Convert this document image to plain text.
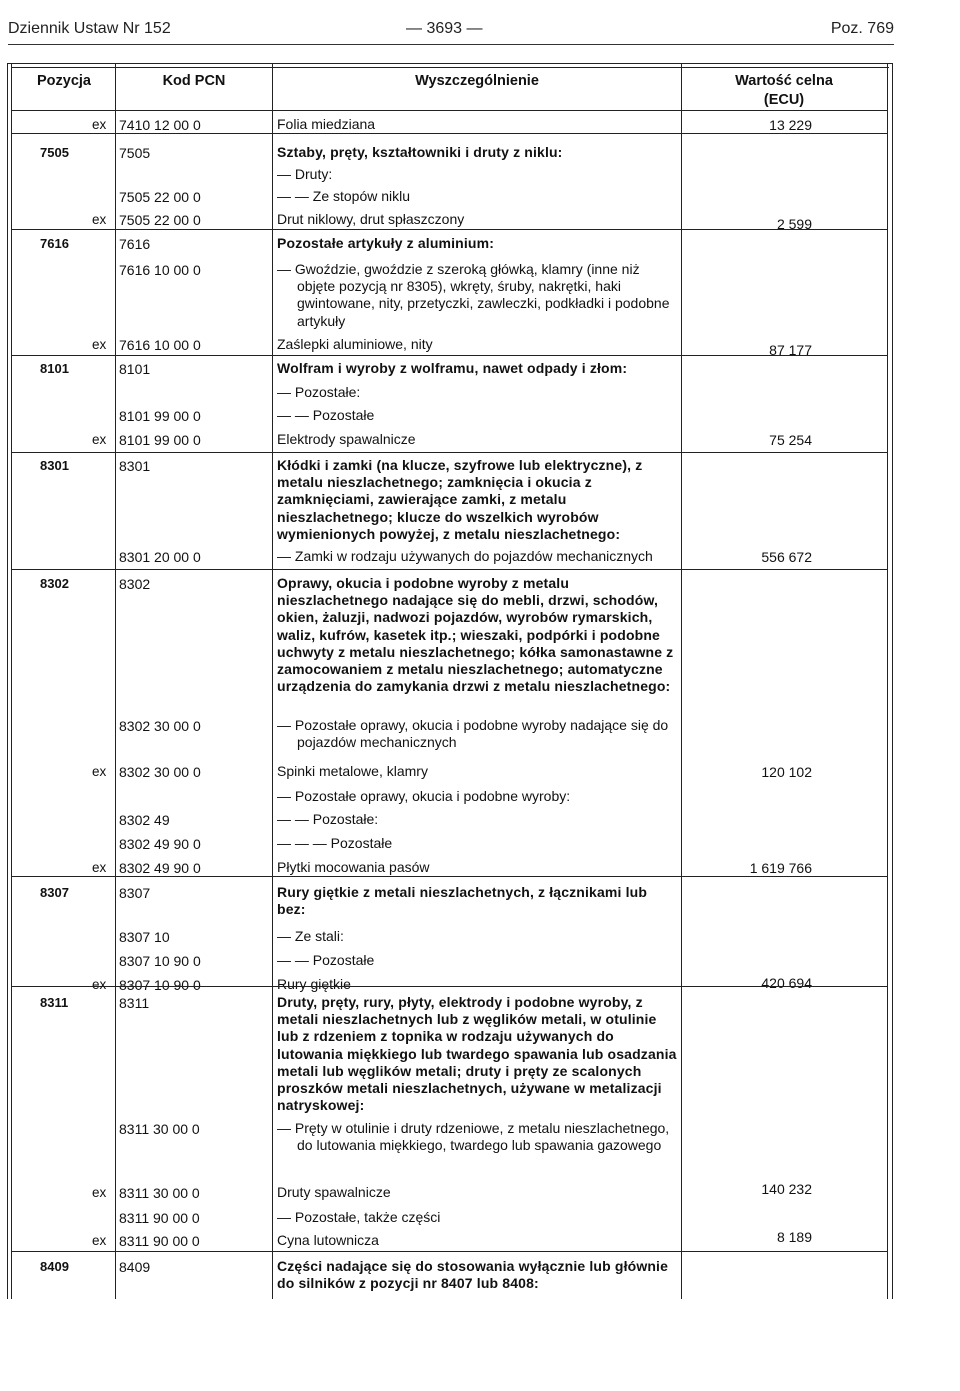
Dziennik Ustaw Nr 152	— 3693 —	Poz. 769
Pozycja	Kod PCN	Wyszczególnienie	Wartość celna
(ECU)
ex 7410 12 00 0	Folia miedziana	13 229
7505	7505	Sztaby, pręty, kształtowniki i druty z niklu:
— Druty:
7505 22 00 0	— — Ze stopów niklu
ex 7505 22 00 0	Drut niklowy, drut spłaszczony	2 599
7616	7616	Pozostałe artykuły z aluminium:
7616 10 00 0	— Gwoździe, gwoździe z szeroką główką, klamry (inne niż objęte pozycją nr 8305), wkręty, śruby, nakrętki, haki gwintowane, nity, przetyczki, zawleczki, podkładki i podobne artykuły
ex 7616 10 00 0	Zaślepki aluminiowe, nity	87 177
8101	8101	Wolfram i wyroby z wolframu, nawet odpady i złom:
— Pozostałe:
8101 99 00 0	— — Pozostałe
ex 8101 99 00 0	Elektrody spawalnicze	75 254
8301	8301	Kłódki i zamki (na klucze, szyfrowe lub elektryczne), z metalu nieszlachetnego; zamknięcia i okucia z zamknięciami, zawierające zamki, z metalu nieszlachetnego; klucze do wszelkich wyrobów wymienionych powyżej, z metalu nieszlachetnego:
8301 20 00 0	— Zamki w rodzaju używanych do pojazdów mechanicznych	556 672
8302	8302	Oprawy, okucia i podobne wyroby z metalu nieszlachetnego nadające się do mebli, drzwi, schodów, okien, żaluzji, nadwozi pojazdów, wyrobów rymarskich, waliz, kufrów, kasetek itp.; wieszaki, podpórki i podobne uchwyty z metalu nieszlachetnego; kółka samonastawne z zamocowaniem z metalu nieszlachetnego; automatyczne urządzenia do zamykania drzwi z metalu nieszlachetnego:
8302 30 00 0	— Pozostałe oprawy, okucia i podobne wyroby nadające się do pojazdów mechanicznych
ex 8302 30 00 0	Spinki metalowe, klamry	120 102
— Pozostałe oprawy, okucia i podobne wyroby:
8302 49	— — Pozostałe:
8302 49 90 0	— — — Pozostałe
ex 8302 49 90 0	Płytki mocowania pasów	1 619 766
8307	8307	Rury giętkie z metali nieszlachetnych, z łącznikami lub bez:
8307 10	— Ze stali:
8307 10 90 0	— — Pozostałe
ex 8307 10 90 0	Rury giętkie	420 694
8311	8311	Druty, pręty, rury, płyty, elektrody i podobne wyroby, z metali nieszlachetnych lub z węglików metali, w otulinie lub z rdzeniem z topnika w rodzaju używanych do lutowania miękkiego lub twardego spawania lub osadzania metali lub węglików metali; druty i pręty ze scalonych proszków metali nieszlachetnych, używane w metalizacji natryskowej:
8311 30 00 0	— Pręty w otulinie i druty rdzeniowe, z metalu nieszlachetnego, do lutowania miękkiego, twardego lub spawania gazowego
ex 8311 30 00 0	Druty spawalnicze	140 232
8311 90 00 0	— Pozostałe, także części
ex 8311 90 00 0	Cyna lutownicza	8 189
8409	8409	Części nadające się do stosowania wyłącznie lub głównie do silników z pozycji nr 8407 lub 8408:
